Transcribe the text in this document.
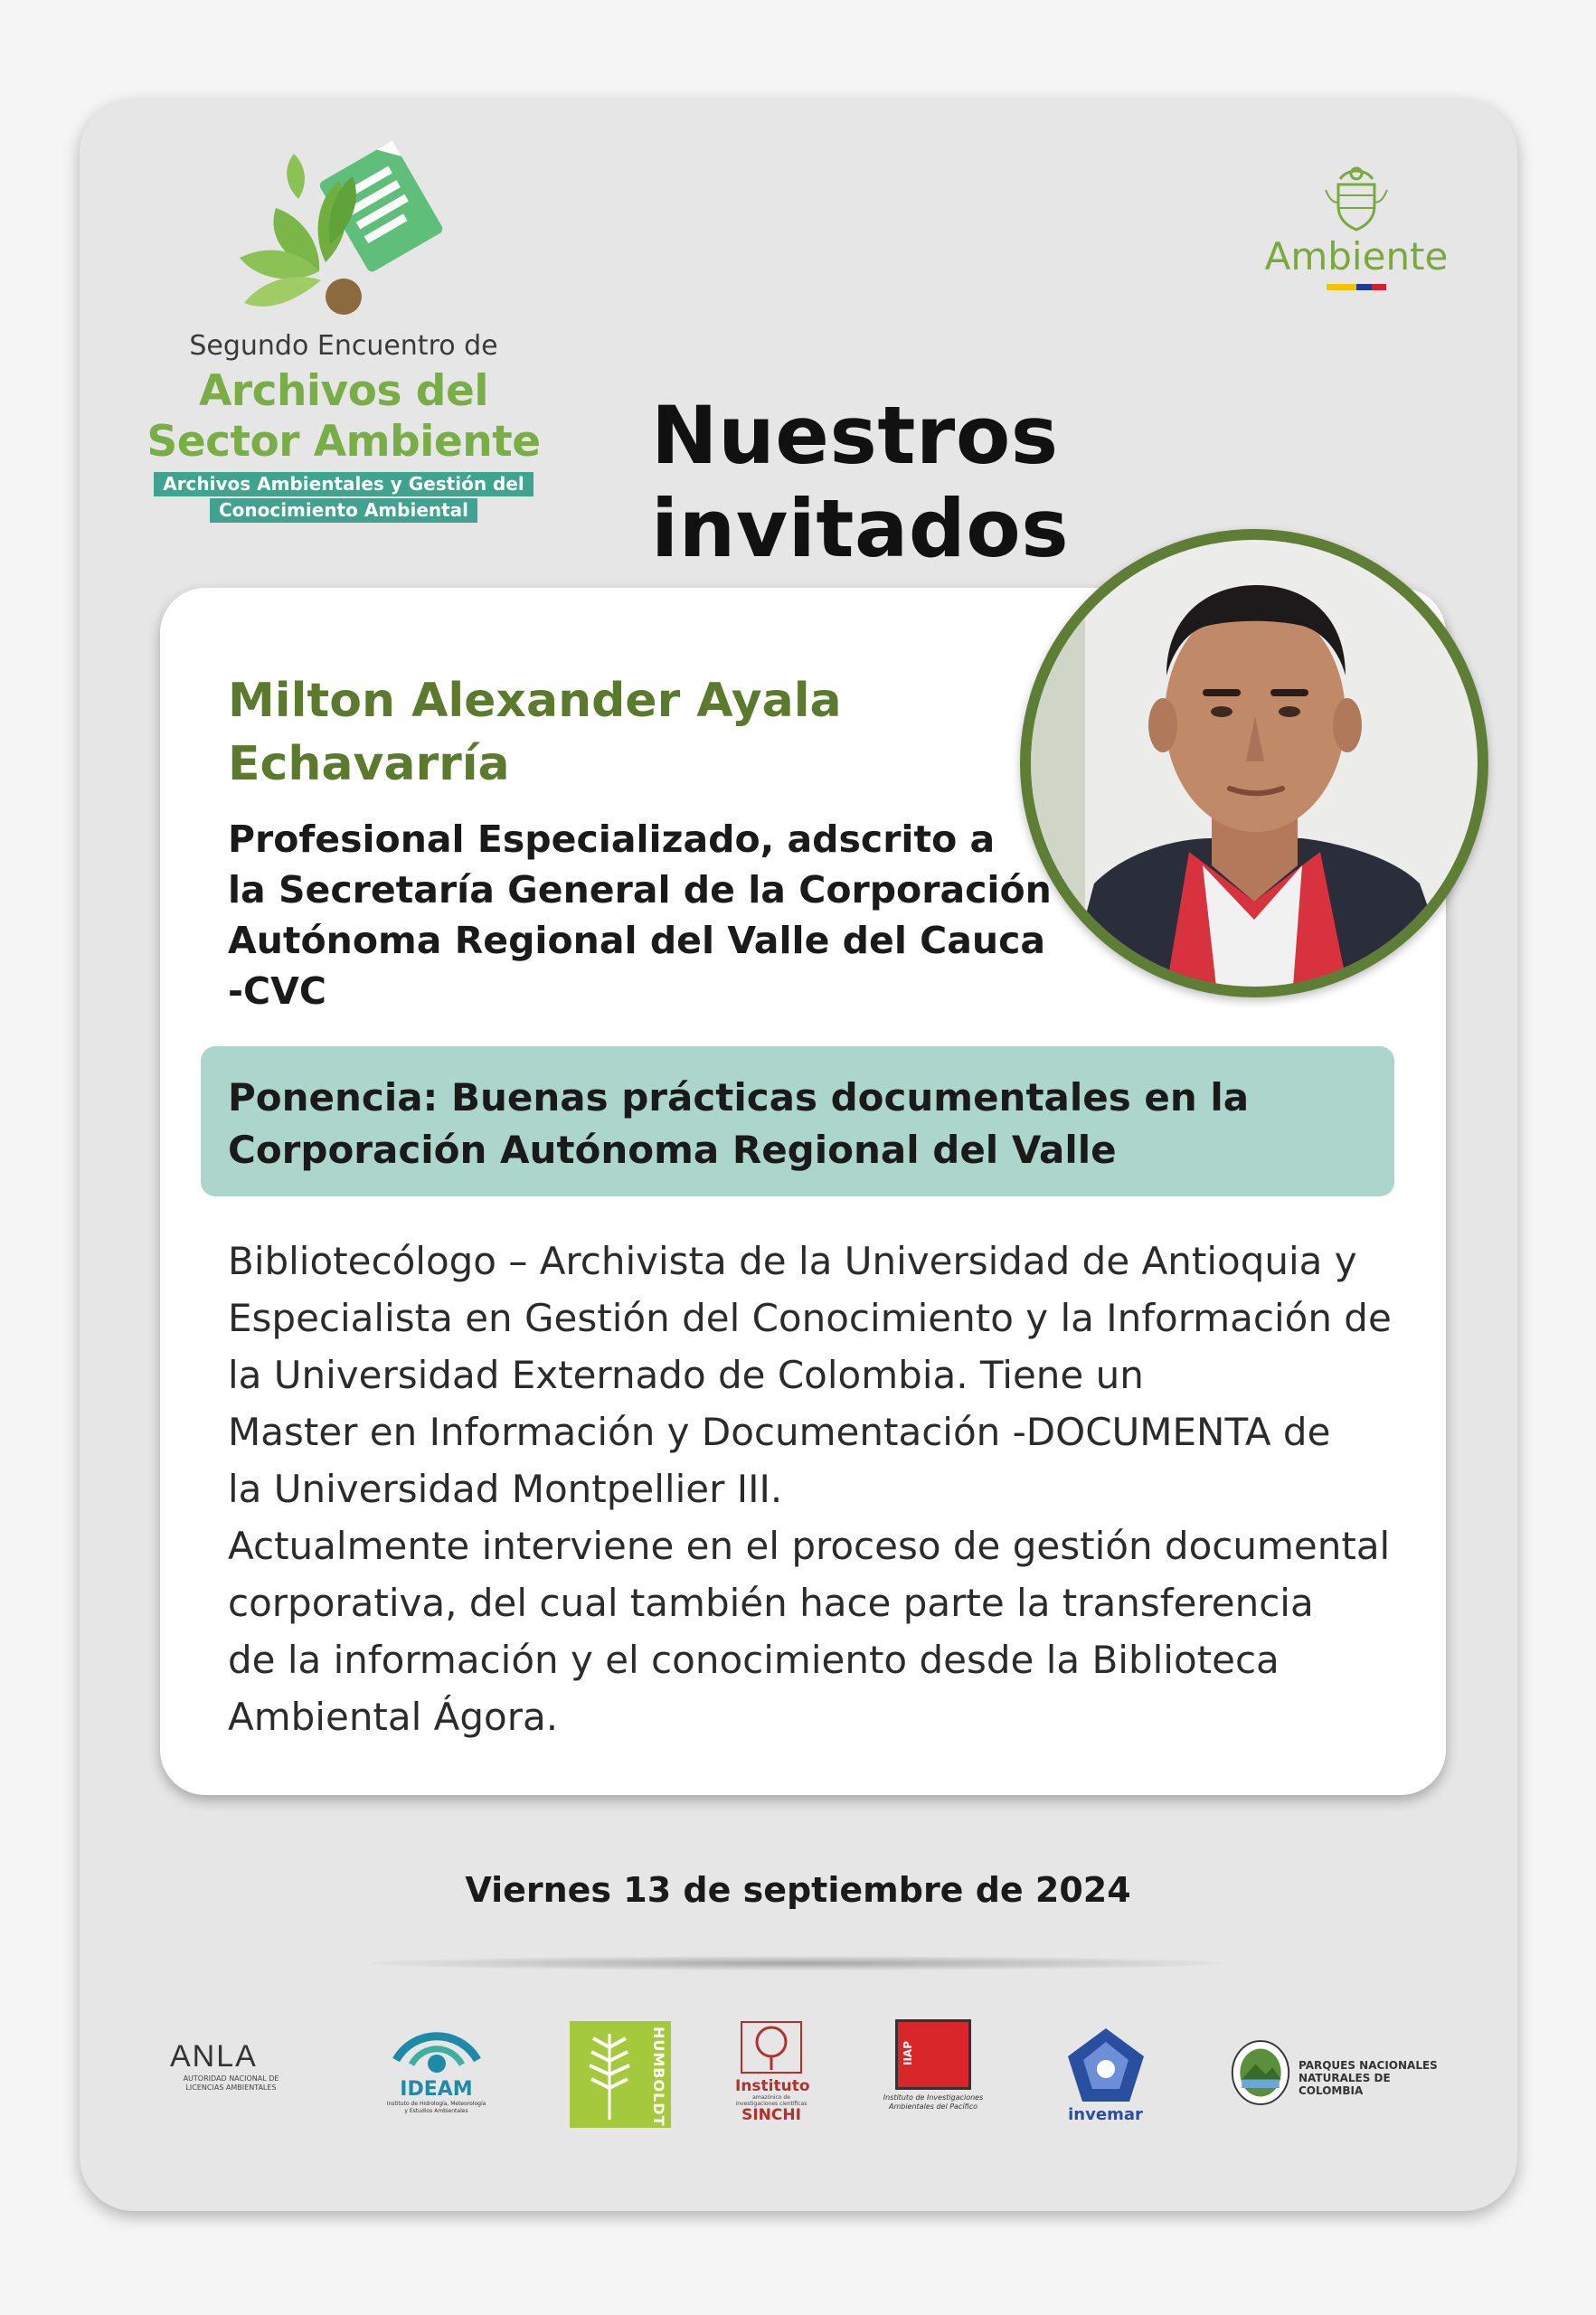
Segundo Encuentro de
Archivos del
Sector Ambiente
Archivos Ambientales y Gestión del
Conocimiento Ambiental
Ambiente
Nuestros invitados
Milton Alexander Ayala
Echavarría
Profesional Especializado, adscrito a
la Secretaría General de la Corporación
Autónoma Regional del Valle del Cauca
-CVC
Ponencia: Buenas prácticas documentales en la
Corporación Autónoma Regional del Valle
Bibliotecólogo – Archivista de la Universidad de Antioquia y
Especialista en Gestión del Conocimiento y la Información de
la Universidad Externado de Colombia. Tiene un
Master en Información y Documentación -DOCUMENTA de
la Universidad Montpellier III.
Actualmente interviene en el proceso de gestión documental
corporativa, del cual también hace parte la transferencia
de la información y el conocimiento desde la Biblioteca
Ambiental Ágora.
Viernes 13 de septiembre de 2024
ANLA
AUTORIDAD NACIONAL DE LICENCIAS AMBIENTALES	IDEAM
Instituto de Hidrología, Meteorología y Estudios Ambientales	HUMBOLDT	Instituto
amazónico de investigaciones científicas
SINCHI
IIAP
Instituto de Investigaciones
Ambientales del Pacífico	invemar
PARQUES NACIONALES
NATURALES DE COLOMBIA
